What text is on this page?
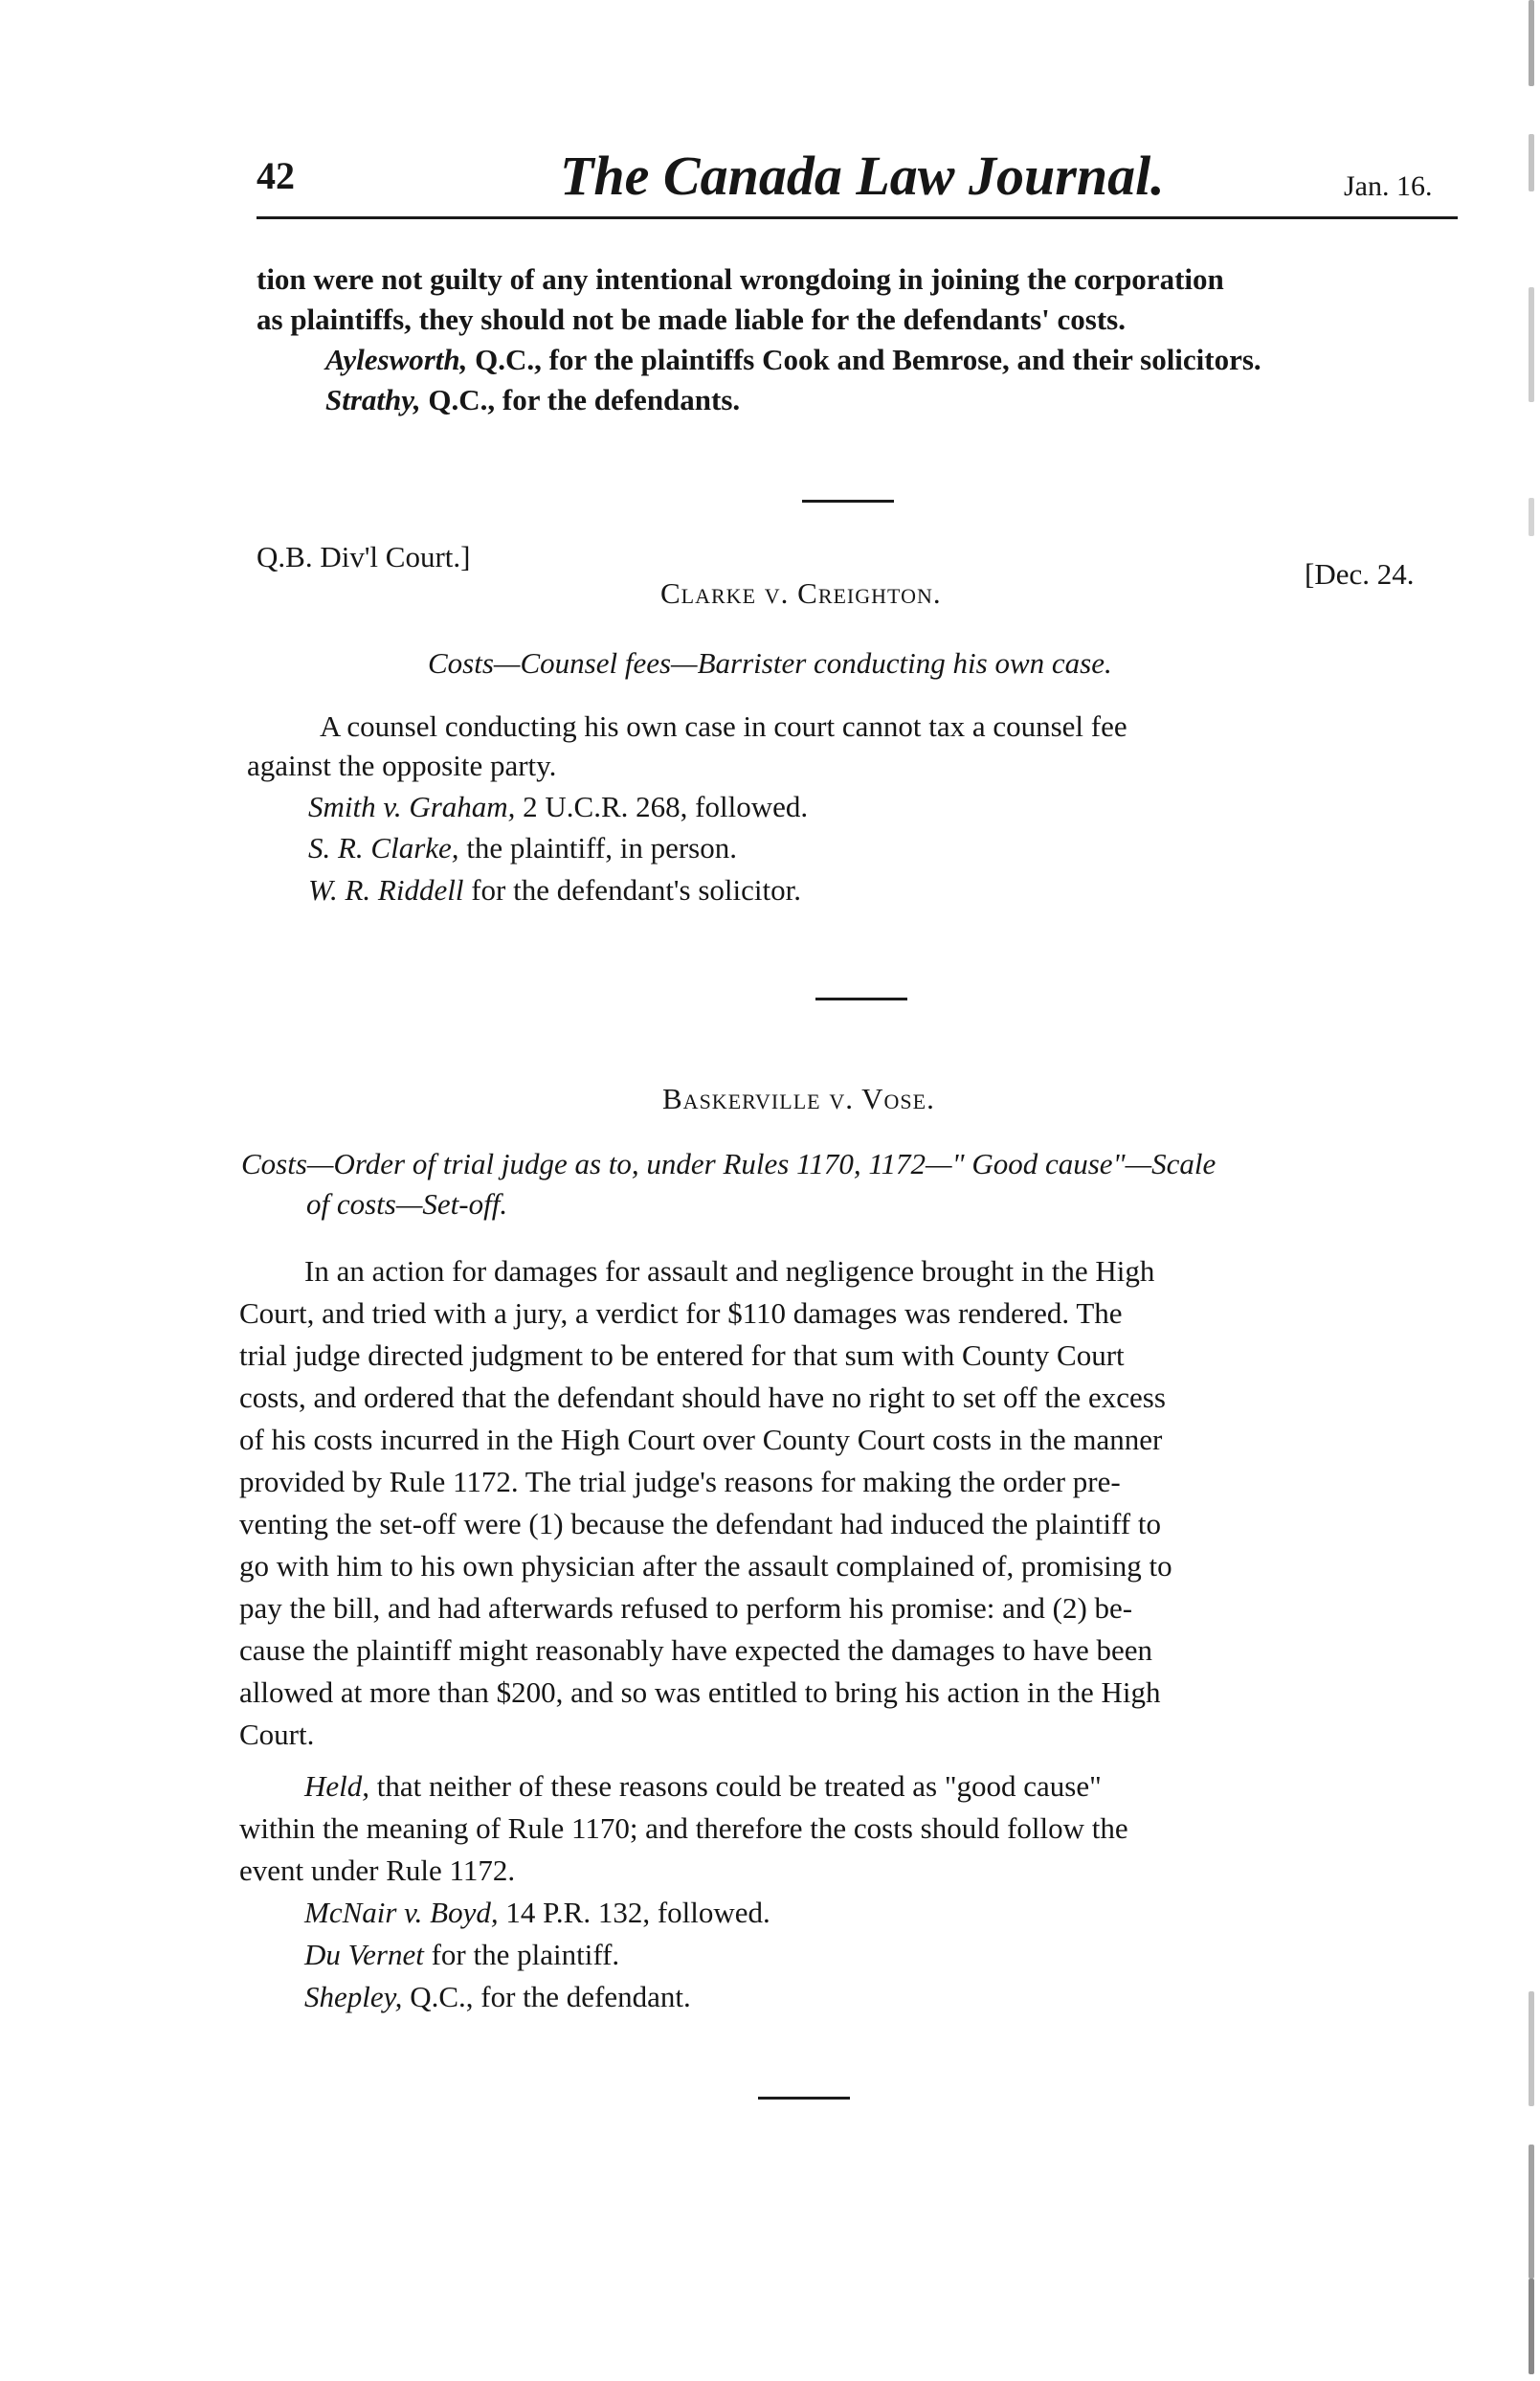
42	The Canada Law Journal.	Jan. 16.
tion were not guilty of any intentional wrongdoing in joining the corporation
as plaintiffs, they should not be made liable for the defendants' costs.
Aylesworth, Q.C., for the plaintiffs Cook and Bemrose, and their solicitors.
Strathy, Q.C., for the defendants.
Q.B. Div'l Court.]
Clarke v. Creighton.
[Dec. 24.
Costs—Counsel fees—Barrister conducting his own case.
A counsel conducting his own case in court cannot tax a counsel fee
against the opposite party.
Smith v. Graham, 2 U.C.R. 268, followed.
S. R. Clarke, the plaintiff, in person.
W. R. Riddell for the defendant's solicitor.
Baskerville v. Vose.
Costs—Order of trial judge as to, under Rules 1170, 1172—" Good cause"—Scale
of costs—Set-off.
In an action for damages for assault and negligence brought in the High
Court, and tried with a jury, a verdict for $110 damages was rendered. The
trial judge directed judgment to be entered for that sum with County Court
costs, and ordered that the defendant should have no right to set off the excess
of his costs incurred in the High Court over County Court costs in the manner
provided by Rule 1172. The trial judge's reasons for making the order pre-
venting the set-off were (1) because the defendant had induced the plaintiff to
go with him to his own physician after the assault complained of, promising to
pay the bill, and had afterwards refused to perform his promise: and (2) be-
cause the plaintiff might reasonably have expected the damages to have been
allowed at more than $200, and so was entitled to bring his action in the High
Court.
Held, that neither of these reasons could be treated as "good cause"
within the meaning of Rule 1170; and therefore the costs should follow the
event under Rule 1172.
McNair v. Boyd, 14 P.R. 132, followed.
Du Vernet for the plaintiff.
Shepley, Q.C., for the defendant.
